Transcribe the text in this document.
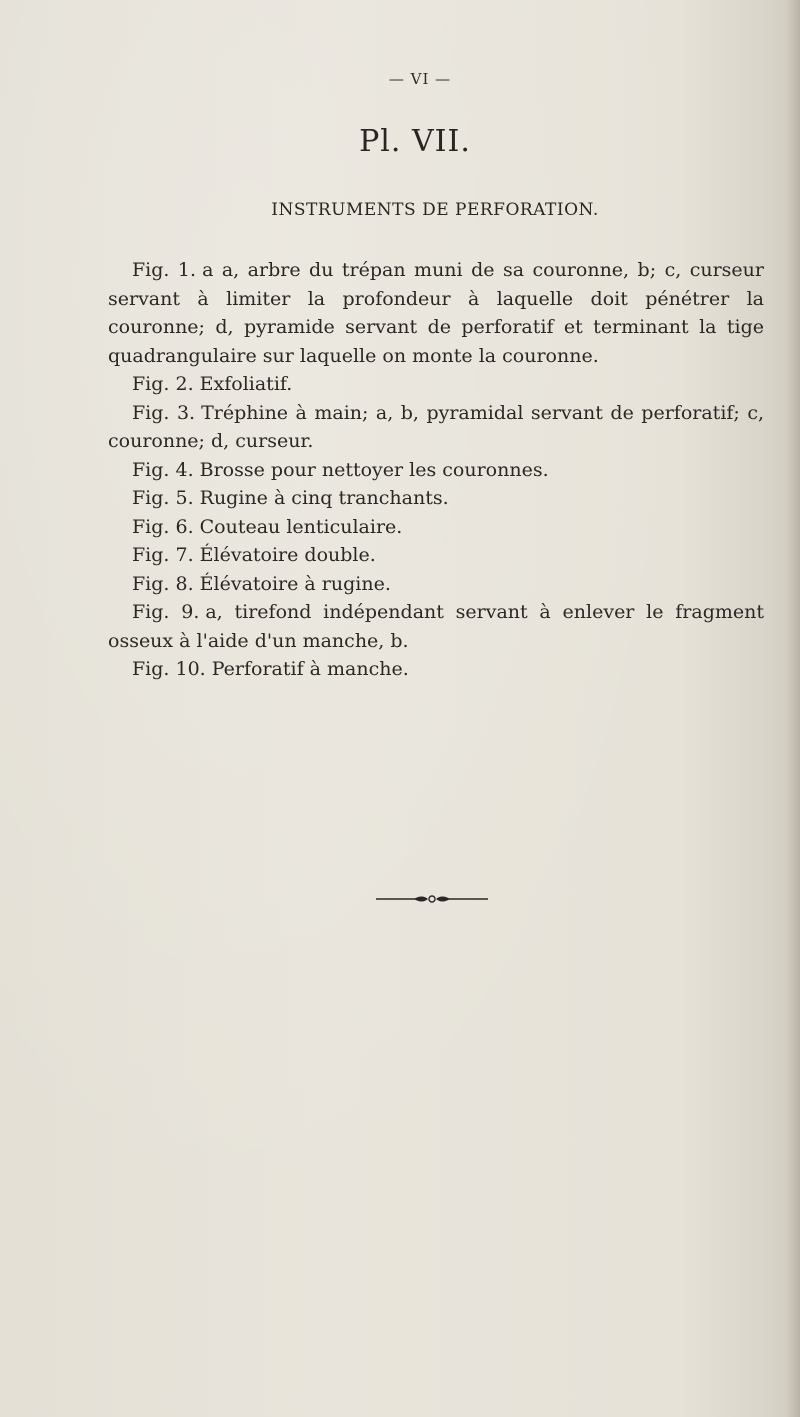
— VI —
Pl. VII.
INSTRUMENTS DE PERFORATION.

Fig. 1. a a, arbre du trépan muni de sa couronne, b; c, curseur servant à limiter la profondeur à laquelle doit pénétrer la couronne; d, pyramide servant de perforatif et terminant la tige quadrangulaire sur laquelle on monte la couronne.

Fig. 2. Exfoliatif.

Fig. 3. Tréphine à main; a, b, pyramidal servant de perforatif; c, couronne; d, curseur.

Fig. 4. Brosse pour nettoyer les couronnes.

Fig. 5. Rugine à cinq tranchants.

Fig. 6. Couteau lenticulaire.

Fig. 7. Élévatoire double.

Fig. 8. Élévatoire à rugine.

Fig. 9. a, tirefond indépendant servant à enlever le fragment osseux à l'aide d'un manche, b.

Fig. 10. Perforatif à manche.
